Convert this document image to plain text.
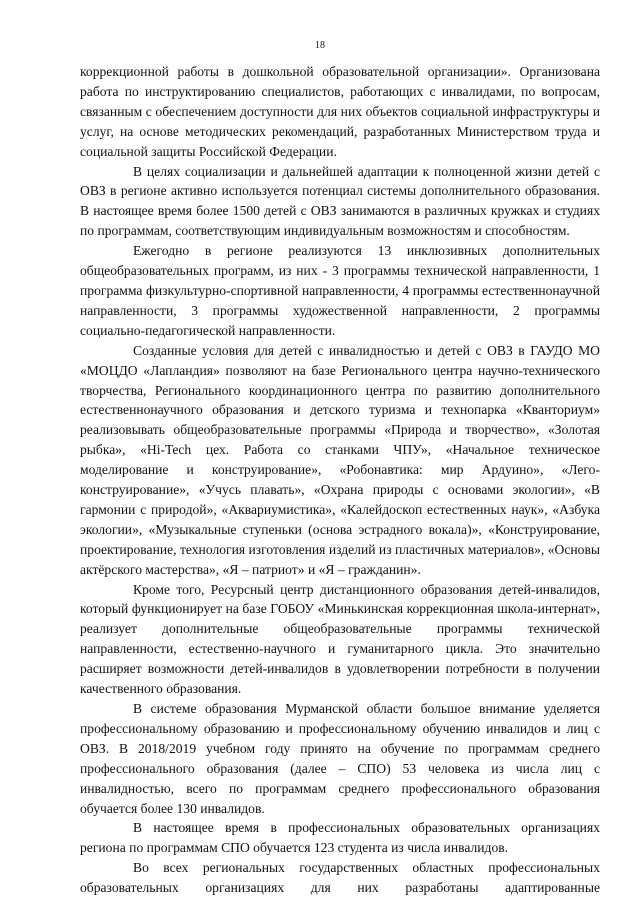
18

коррекционной работы в дошкольной образовательной организации». Организована работа по инструктированию специалистов, работающих с инвалидами, по вопросам, связанным с обеспечением доступности для них объектов социальной инфраструктуры и услуг, на основе методических рекомендаций, разработанных Министерством труда и социальной защиты Российской Федерации.

В целях социализации и дальнейшей адаптации к полноценной жизни детей с ОВЗ в регионе активно используется потенциал системы дополнительного образования. В настоящее время более 1500 детей с ОВЗ занимаются в различных кружках и студиях по программам, соответствующим индивидуальным возможностям и способностям.

Ежегодно в регионе реализуются 13 инклюзивных дополнительных общеобразовательных программ, из них - 3 программы технической направленности, 1 программа физкультурно-спортивной направленности, 4 программы естественнонаучной направленности, 3 программы художественной направленности, 2 программы социально-педагогической направленности.

Созданные условия для детей с инвалидностью и детей с ОВЗ в ГАУДО МО «МОЦДО «Лапландия» позволяют на базе Регионального центра научно-технического творчества, Регионального координационного центра по развитию дополнительного естественнонаучного образования и детского туризма и технопарка «Кванториум» реализовывать общеобразовательные программы «Природа и творчество», «Золотая рыбка», «Hi-Tech цех. Работа со станками ЧПУ», «Начальное техническое моделирование и конструирование», «Робонавтика: мир Ардуино», «Лего-конструирование», «Учусь плавать», «Охрана природы с основами экологии», «В гармонии с природой», «Аквариумистика», «Калейдоскоп естественных наук», «Азбука экологии», «Музыкальные ступеньки (основа эстрадного вокала)», «Конструирование, проектирование, технология изготовления изделий из пластичных материалов», «Основы актёрского мастерства», «Я – патриот» и «Я – гражданин».

Кроме того, Ресурсный центр дистанционного образования детей-инвалидов, который функционирует на базе ГОБОУ «Минькинская коррекционная школа-интернат», реализует дополнительные общеобразовательные программы технической направленности, естественно-научного и гуманитарного цикла. Это значительно расширяет возможности детей-инвалидов в удовлетворении потребности в получении качественного образования.

В системе образования Мурманской области большое внимание уделяется профессиональному образованию и профессиональному обучению инвалидов и лиц с ОВЗ. В 2018/2019 учебном году принято на обучение по программам среднего профессионального образования (далее – СПО) 53 человека из числа лиц с инвалидностью, всего по программам среднего профессионального образования обучается более 130 инвалидов.

В настоящее время в профессиональных образовательных организациях региона по программам СПО обучается 123 студента из числа инвалидов.

Во всех региональных государственных областных профессиональных образовательных организациях для них разработаны адаптированные
